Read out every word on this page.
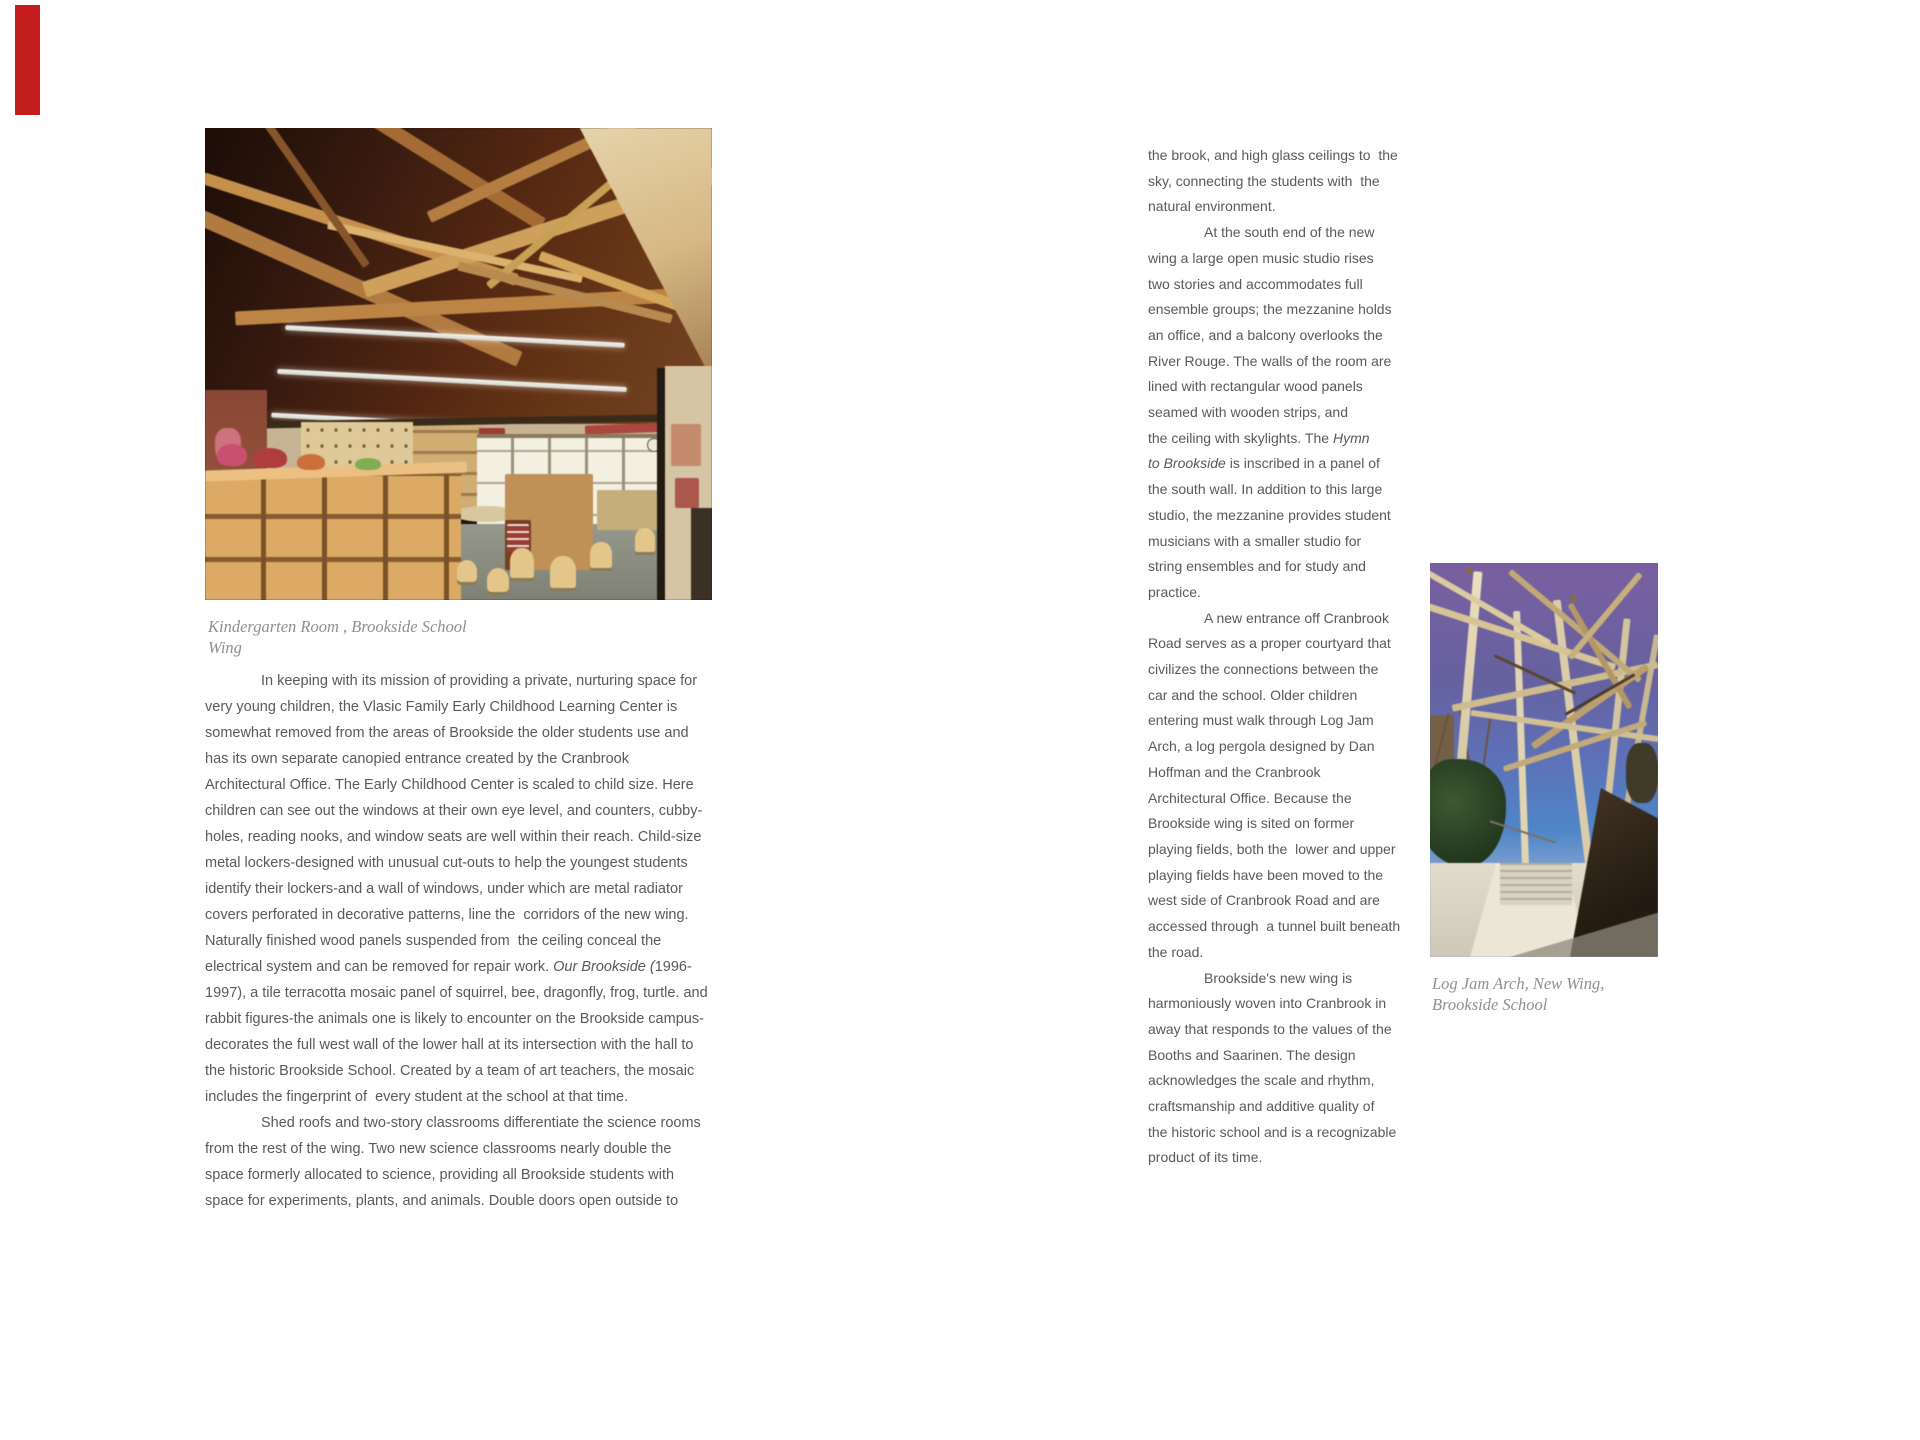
Kindergarten Room , Brookside School
Wing
In keeping with its mission of providing a private, nurturing space for
very young children, the Vlasic Family Early Childhood Learning Center is
somewhat removed from the areas of Brookside the older students use and
has its own separate canopied entrance created by the Cranbrook
Architectural Office. The Early Childhood Center is scaled to child size. Here
children can see out the windows at their own eye level, and counters, cubby-
holes, reading nooks, and window seats are well within their reach. Child-size
metal lockers-designed with unusual cut-outs to help the youngest students
identify their lockers-and a wall of windows, under which are metal radiator
covers perforated in decorative patterns, line the  corridors of the new wing.
Naturally finished wood panels suspended from  the ceiling conceal the
electrical system and can be removed for repair work. Our Brookside (1996-
1997), a tile terracotta mosaic panel of squirrel, bee, dragonfly, frog, turtle. and
rabbit figures-the animals one is likely to encounter on the Brookside campus-
decorates the full west wall of the lower hall at its intersection with the hall to
the historic Brookside School. Created by a team of art teachers, the mosaic
includes the fingerprint of  every student at the school at that time.
Shed roofs and two-story classrooms differentiate the science rooms
from the rest of the wing. Two new science classrooms nearly double the
space formerly allocated to science, providing all Brookside students with
space for experiments, plants, and animals. Double doors open outside to
the brook, and high glass ceilings to  the
sky, connecting the students with  the
natural environment.
At the south end of the new
wing a large open music studio rises
two stories and accommodates full
ensemble groups; the mezzanine holds
an office, and a balcony overlooks the
River Rouge. The walls of the room are
lined with rectangular wood panels
seamed with wooden strips, and
the ceiling with skylights. The Hymn
to Brookside is inscribed in a panel of
the south wall. In addition to this large
studio, the mezzanine provides student
musicians with a smaller studio for
string ensembles and for study and
practice.
A new entrance off Cranbrook
Road serves as a proper courtyard that
civilizes the connections between the
car and the school. Older children
entering must walk through Log Jam
Arch, a log pergola designed by Dan
Hoffman and the Cranbrook
Architectural Office. Because the
Brookside wing is sited on former
playing fields, both the  lower and upper
playing fields have been moved to the
west side of Cranbrook Road and are
accessed through  a tunnel built beneath
the road.
Brookside's new wing is
harmoniously woven into Cranbrook in
away that responds to the values of the
Booths and Saarinen. The design
acknowledges the scale and rhythm,
craftsmanship and additive quality of
the historic school and is a recognizable
product of its time.
Log Jam Arch, New Wing,
Brookside School
